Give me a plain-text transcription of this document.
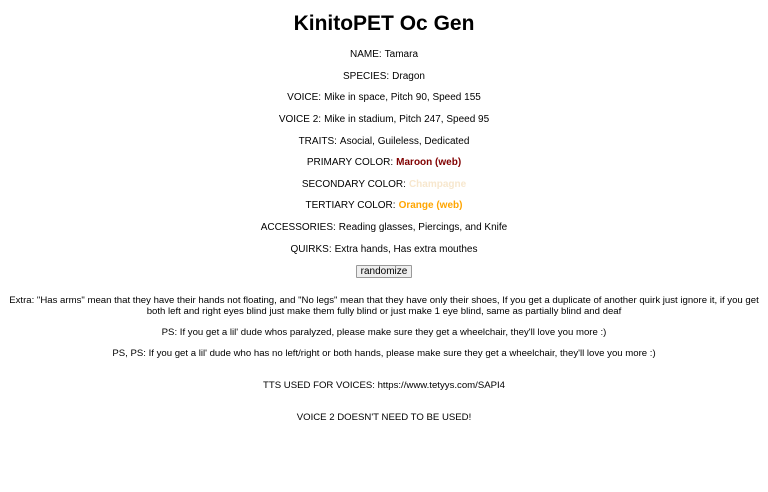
KinitoPET Oc Gen
NAME: Tamara
SPECIES: Dragon
VOICE: Mike in space, Pitch 90, Speed 155
VOICE 2: Mike in stadium, Pitch 247, Speed 95
TRAITS: Asocial, Guileless, Dedicated
PRIMARY COLOR: Maroon (web)
SECONDARY COLOR: Champagne
TERTIARY COLOR: Orange (web)
ACCESSORIES: Reading glasses, Piercings, and Knife
QUIRKS: Extra hands, Has extra mouthes
randomize

Extra: "Has arms" mean that they have their hands not floating, and "No legs" mean that they have only their shoes, If you get a duplicate of another quirk just ignore it, if you get both left and right eyes blind just make them fully blind or just make 1 eye blind, same as partially blind and deaf

PS: If you get a lil' dude whos paralyzed, please make sure they get a wheelchair, they'll love you more :)

PS, PS: If you get a lil' dude who has no left/right or both hands, please make sure they get a wheelchair, they'll love you more :)

TTS USED FOR VOICES: https://www.tetyys.com/SAPI4

VOICE 2 DOESN'T NEED TO BE USED!
